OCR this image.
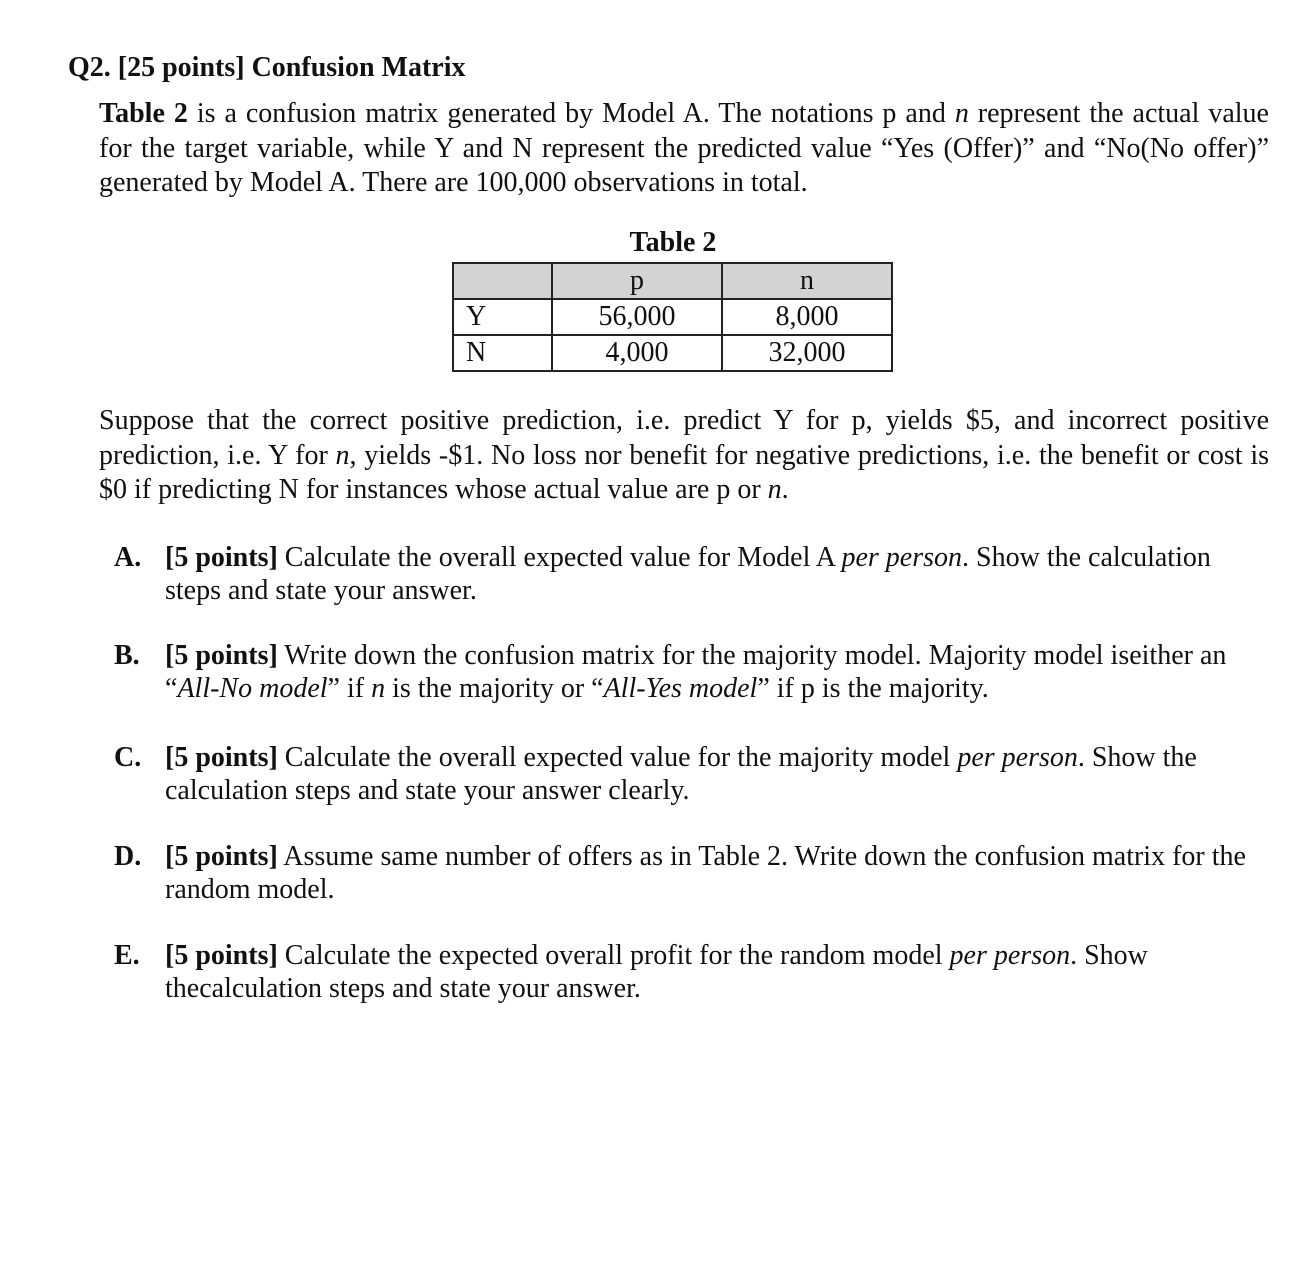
Q2. [25 points] Confusion Matrix

Table 2 is a confusion matrix generated by Model A. The notations p and n represent the actual value for the target variable, while Y and N represent the predicted value “Yes (Offer)” and “No(No offer)” generated by Model A. There are 100,000 observations in total.

Table 2
	p	n
Y	56,000	8,000
N	4,000	32,000

Suppose that the correct positive prediction, i.e. predict Y for p, yields $5, and incorrect positive prediction, i.e. Y for n, yields -$1. No loss nor benefit for negative predictions, i.e. the benefit or cost is $0 if predicting N for instances whose actual value are p or n.

A. [5 points] Calculate the overall expected value for Model A per person. Show the calculation steps and state your answer.
B. [5 points] Write down the confusion matrix for the majority model. Majority model iseither an “All-No model” if n is the majority or “All-Yes model” if p is the majority.
C. [5 points] Calculate the overall expected value for the majority model per person. Show the calculation steps and state your answer clearly.
D. [5 points] Assume same number of offers as in Table 2. Write down the confusion matrix for the random model.
E. [5 points] Calculate the expected overall profit for the random model per person. Show thecalculation steps and state your answer.
